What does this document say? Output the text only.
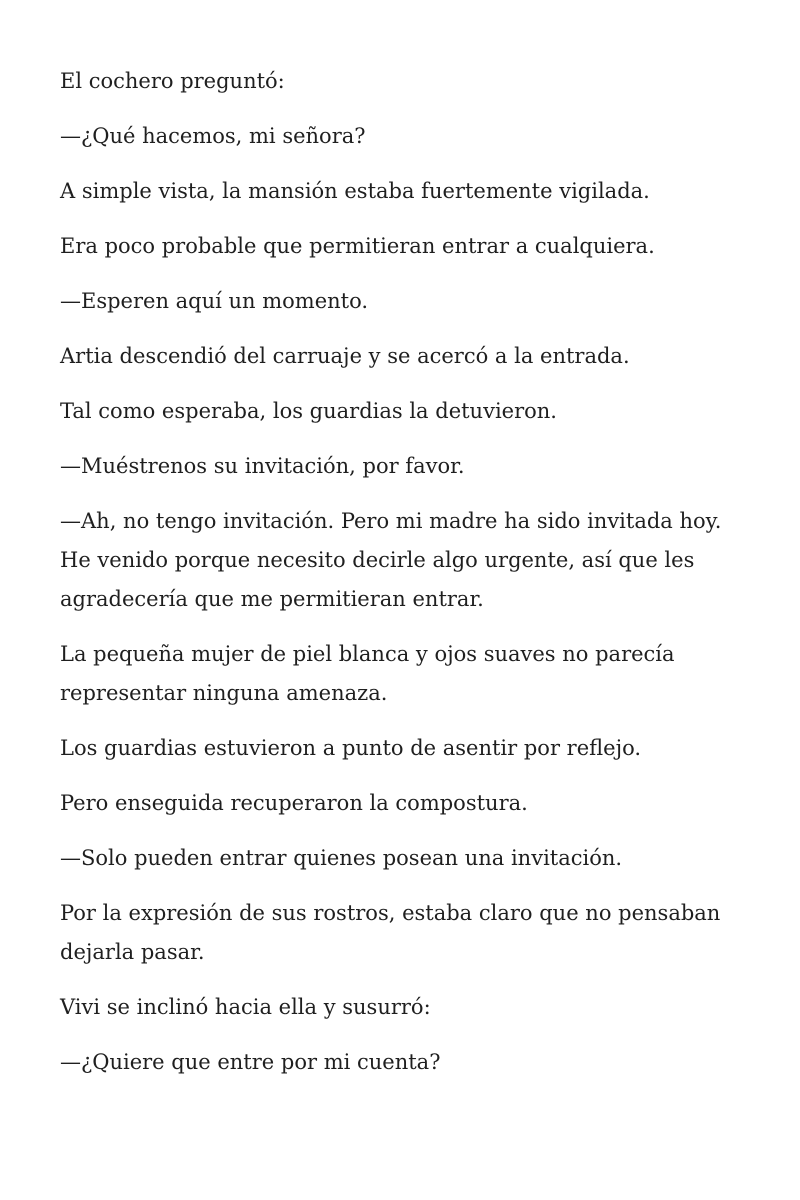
El cochero preguntó:

—¿Qué hacemos, mi señora?

A simple vista, la mansión estaba fuertemente vigilada.

Era poco probable que permitieran entrar a cualquiera.

—Esperen aquí un momento.

Artia descendió del carruaje y se acercó a la entrada.

Tal como esperaba, los guardias la detuvieron.

—Muéstrenos su invitación, por favor.

—Ah, no tengo invitación. Pero mi madre ha sido invitada hoy. He venido porque necesito decirle algo urgente, así que les agradecería que me permitieran entrar.

La pequeña mujer de piel blanca y ojos suaves no parecía representar ninguna amenaza.

Los guardias estuvieron a punto de asentir por reflejo.

Pero enseguida recuperaron la compostura.

—Solo pueden entrar quienes posean una invitación.

Por la expresión de sus rostros, estaba claro que no pensaban dejarla pasar.

Vivi se inclinó hacia ella y susurró:

—¿Quiere que entre por mi cuenta?
